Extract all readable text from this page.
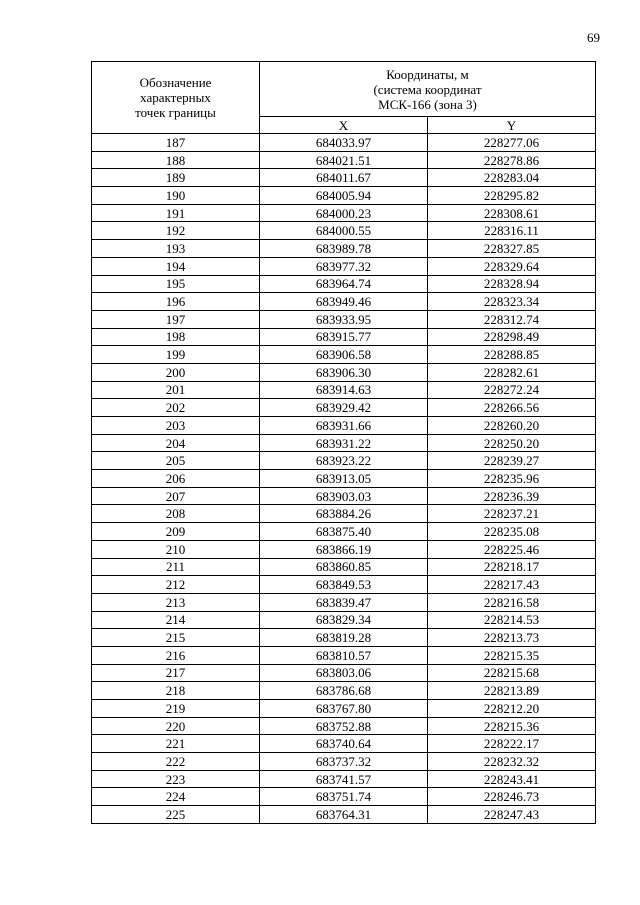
69
Обозначение
характерных
точек границы	Координаты, м
(система координат
МСК-166 (зона 3)	

	X	Y
187	684033.97	228277.06
188	684021.51	228278.86
189	684011.67	228283.04
190	684005.94	228295.82
191	684000.23	228308.61
192	684000.55	228316.11
193	683989.78	228327.85
194	683977.32	228329.64
195	683964.74	228328.94
196	683949.46	228323.34
197	683933.95	228312.74
198	683915.77	228298.49
199	683906.58	228288.85
200	683906.30	228282.61
201	683914.63	228272.24
202	683929.42	228266.56
203	683931.66	228260.20
204	683931.22	228250.20
205	683923.22	228239.27
206	683913.05	228235.96
207	683903.03	228236.39
208	683884.26	228237.21
209	683875.40	228235.08
210	683866.19	228225.46
211	683860.85	228218.17
212	683849.53	228217.43
213	683839.47	228216.58
214	683829.34	228214.53
215	683819.28	228213.73
216	683810.57	228215.35
217	683803.06	228215.68
218	683786.68	228213.89
219	683767.80	228212.20
220	683752.88	228215.36
221	683740.64	228222.17
222	683737.32	228232.32
223	683741.57	228243.41
224	683751.74	228246.73
225	683764.31	228247.43
